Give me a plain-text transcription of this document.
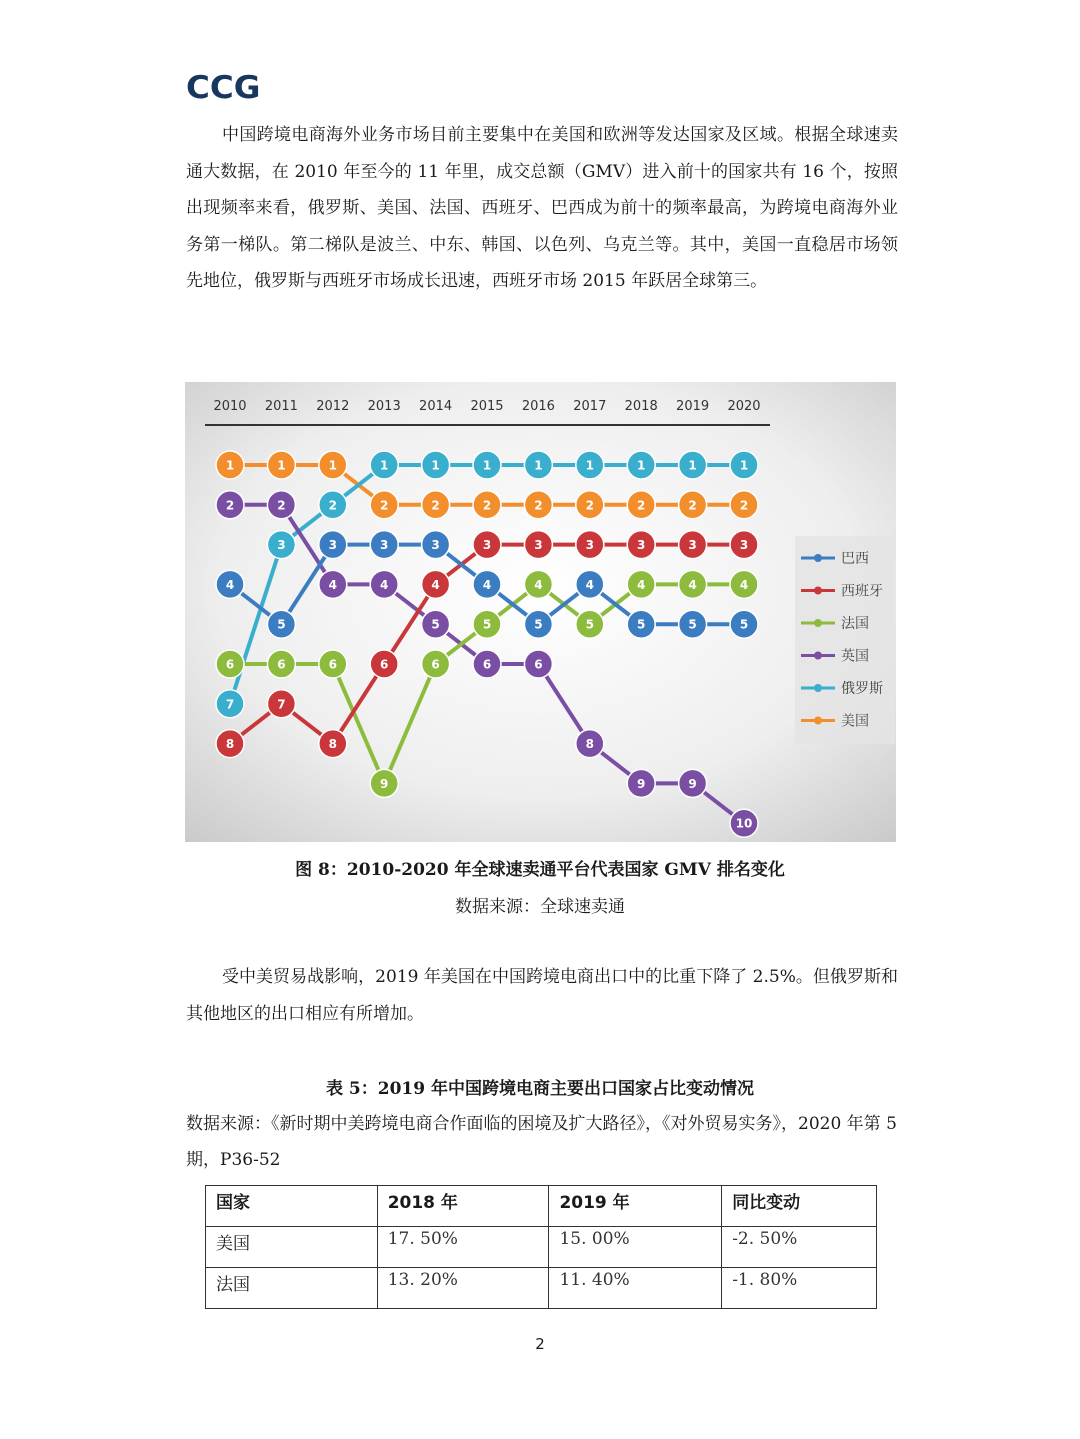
CCG

中国跨境电商海外业务市场目前主要集中在美国和欧洲等发达国家及区域。根据全球速卖通大数据，在 2010 年至今的 11 年里，成交总额（GMV）进入前十的国家共有 16 个，按照出现频率来看，俄罗斯、美国、法国、西班牙、巴西成为前十的频率最高，为跨境电商海外业务第一梯队。第二梯队是波兰、中东、韩国、以色列、乌克兰等。其中，美国一直稳居市场领先地位，俄罗斯与西班牙市场成长迅速，西班牙市场 2015 年跃居全球第三。

2010 2011 2012 2013 2014 2015 2016 2017 2018 2019 2020
1	1	1
2	2	2	2	2	2	2	2
7
3
2
1	1	1	1	1	1	1	1
2	2
4	4
5
6	6
8
9	9
10
6	6	6
9
6
5
4
5
4	4	4
8
7
8
6
4
3	3	3	3	3	3
4
5
3	3	3
4
5
4
5	5	5
巴西
西班牙
法国
英国
俄罗斯
美国

图 8：2010-2020 年全球速卖通平台代表国家 GMV 排名变化

数据来源：全球速卖通

受中美贸易战影响，2019 年美国在中国跨境电商出口中的比重下降了 2.5%。但俄罗斯和其他地区的出口相应有所增加。

表 5：2019 年中国跨境电商主要出口国家占比变动情况

数据来源：《新时期中美跨境电商合作面临的困境及扩大路径》，《对外贸易实务》，2020 年第 5 期，P36-52

国家	2018 年	2019 年	同比变动
美国	17. 50%	15. 00%	-2. 50%
法国	13. 20%	11. 40%	-1. 80%
2
